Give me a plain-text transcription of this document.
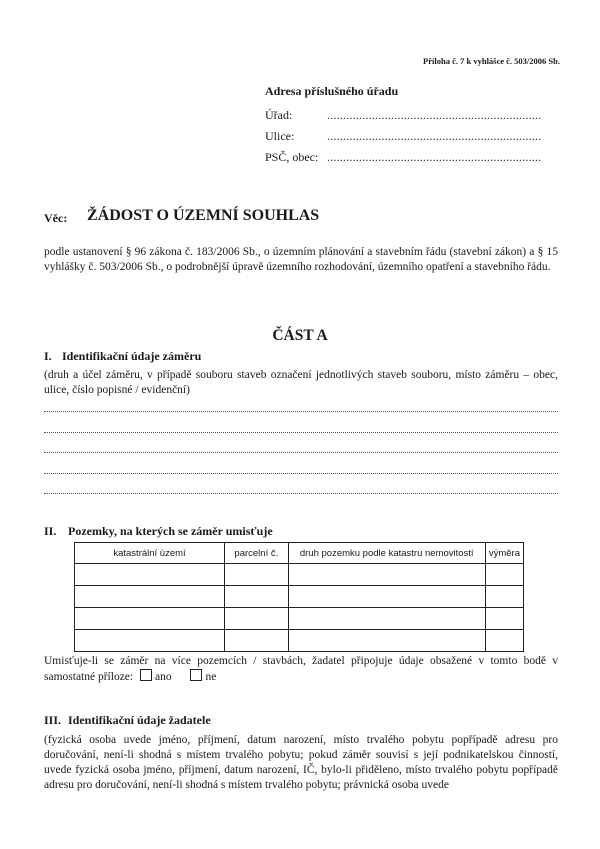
Příloha č. 7 k vyhlášce č. 503/2006 Sb.
Adresa příslušného úřadu
Úřad:	...................................................................
Ulice:	...................................................................
PSČ, obec: ...................................................................
Věc: ŽÁDOST O ÚZEMNÍ SOUHLAS
podle ustanovení § 96 zákona č. 183/2006 Sb., o územním plánování a stavebním řádu (stavební zákon) a § 15 vyhlášky č. 503/2006 Sb., o podrobnější úpravě územního rozhodování, územního opatření a stavebního řádu.
ČÁST A
I. Identifikační údaje záměru
(druh a účel záměru, v případě souboru staveb označení jednotlivých staveb souboru, místo záměru – obec, ulice, číslo popisné / evidenční)
II. Pozemky, na kterých se záměr umisťuje
katastrální území	parcelní č.	druh pozemku podle katastru nemovitostí	výměra

Umisťuje-li se záměr na více pozemcích / stavbách, žadatel připojuje údaje obsažené v tomto bodě v samostatné příloze: ano	ne
III. Identifikační údaje žadatele
(fyzická osoba uvede jméno, příjmení, datum narození, místo trvalého pobytu popřípadě adresu pro doručování, není-li shodná s místem trvalého pobytu; pokud záměr souvisí s její podnikatelskou činností, uvede fyzická osoba jméno, příjmení, datum narození, IČ, bylo-li přiděleno, místo trvalého pobytu popřípadě adresu pro doručování, není-li shodná s místem trvalého pobytu; právnická osoba uvede
